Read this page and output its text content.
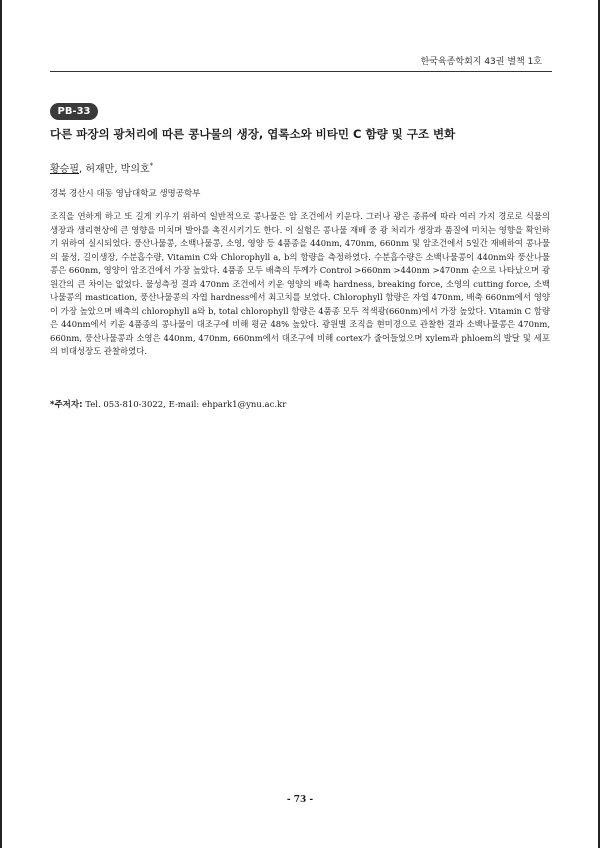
한국육종학회지 43권 별책 1호
PB-33
다른 파장의 광처리에 따른 콩나물의 생장, 엽록소와 비타민 C 함량 및 구조 변화
황승필, 허재만, 박의호*
경북 경산시 대동 영남대학교 생명공학부

조직을 연하게 하고 또 길게 키우기 위하여 일반적으로 콩나물은 암 조건에서 키운다. 그러나 광은 종류에 따라 여러 가지 경로로 식물의 생장과 생리현상에 큰 영향을 미치며 발아를 촉진시키기도 한다. 이 실험은 콩나물 재배 중 광 처리가 생장과 품질에 미치는 영향을 확인하기 위하여 실시되었다. 풍산나물콩, 소백나물콩, 소영, 영양 등 4품종을 440nm, 470nm, 660nm 및 암조건에서 5일간 재배하여 콩나물의 물성, 길이생장, 수분흡수량, Vitamin C와 Chlorophyll a, b의 함량을 측정하였다. 수분흡수량은 소백나물콩이 440nm와 풍산나물콩은 660nm, 영양이 암조건에서 가장 높았다. 4품종 모두 배축의 두께가 Control >660nm >440nm >470nm 순으로 나타났으며 광원간의 큰 차이는 없었다. 물성측정 결과 470nm 조건에서 키운 영양의 배축 hardness, breaking force, 소영의 cutting force, 소백나물콩의 mastication, 풍산나물콩의 자엽 hardness에서 최고치를 보였다. Chlorophyll 함량은 자엽 470nm, 배축 660nm에서 영양이 가장 높았으며 배축의 chlorophyll a와 b, total chlorophyll 함량은 4품종 모두 적색광(660nm)에서 가장 높았다. Vitamin C 함량은 440nm에서 키운 4품종의 콩나물이 대조구에 비해 평균 48% 높았다. 광원별 조직을 현미경으로 관찰한 결과 소백나물콩은 470nm, 660nm, 풍산나물콩과 소영은 440nm, 470nm, 660nm에서 대조구에 비해 cortex가 줄어들었으며 xylem과 phloem의 발달 및 세포의 비대성장도 관찰하였다.

*주저자: Tel. 053-810-3022, E-mail: ehpark1@ynu.ac.kr
- 73 -
